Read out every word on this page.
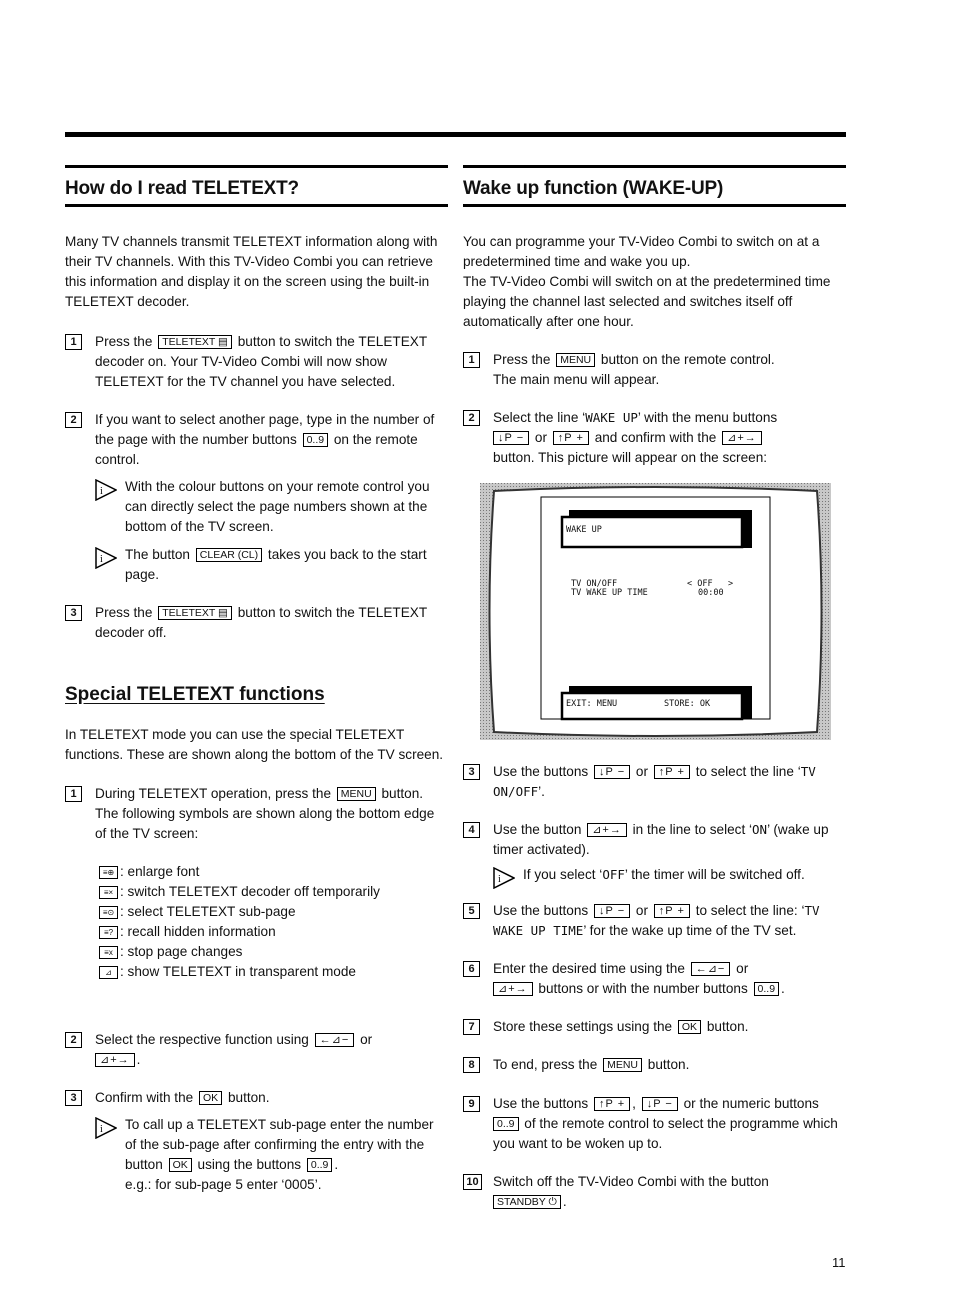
How do I read TELETEXT?

Many TV channels transmit TELETEXT information along with their TV channels. With this TV-Video Combi you can retrieve this information and display it on the screen using the built-in TELETEXT decoder.

1	Press the TELETEXT ▤ button to switch the TELETEXT decoder on. Your TV-Video Combi will now show TELETEXT for the TV channel you have selected.
2	If you want to select another page, type in the number of the page with the number buttons 0..9 on the remote control.
i With the colour buttons on your remote control you can directly select the page numbers shown at the bottom of the TV screen.
i The button CLEAR (CL) takes you back to the start page.
3	Press the TELETEXT ▤ button to switch the TELETEXT decoder off.
Special TELETEXT functions

In TELETEXT mode you can use the special TELETEXT functions. These are shown along the bottom of the TV screen.

1	During TELETEXT operation, press the MENU button. The following symbols are shown along the bottom edge of the TV screen:
≡⊕ : enlarge font
≡× : switch TELETEXT decoder off temporarily
≡⊙ : select TELETEXT sub-page
≡? : recall hidden information
≡x : stop page changes
⊿ : show TELETEXT in transparent mode
2	Select the respective function using ←⊿− or
⊿+→ .
3	Confirm with the OK button.
i To call up a TELETEXT sub-page enter the number of the sub-page after confirming the entry with the button OK using the buttons 0..9 .
e.g.: for sub-page 5 enter ‘0005’.
Wake up function (WAKE-UP)

You can programme your TV-Video Combi to switch on at a predetermined time and wake you up.

The TV-Video Combi will switch on at the predetermined time playing the channel last selected and switches itself off automatically after one hour.

1	Press the MENU button on the remote control.
The main menu will appear.
2	Select the line ‘WAKE UP’ with the menu buttons
↓P − or ↑P + and confirm with the ⊿+→
button. This picture will appear on the screen:
WAKE UP
TV ON/OFF	< OFF   >
TV WAKE UP TIME	00:00
EXIT: MENU	STORE: OK
3	Use the buttons ↓P − or ↑P + to select the line ‘TV ON/OFF’.
4	Use the button ⊿+→ in the line to select ‘ON’ (wake up timer activated).
i If you select ‘OFF’ the timer will be switched off.
5	Use the buttons ↓P − or ↑P + to select the line: ‘TV WAKE UP TIME’ for the wake up time of the TV set.
6	Enter the desired time using the ←⊿− or
⊿+→ buttons or with the number buttons 0..9 .
7	Store these settings using the OK button.
8	To end, press the MENU button.
9	Use the buttons ↑P + , ↓P − or the numeric buttons
0..9 of the remote control to select the programme which you want to be woken up to.
10 Switch off the TV-Video Combi with the button
STANDBY ⏻ .
11
